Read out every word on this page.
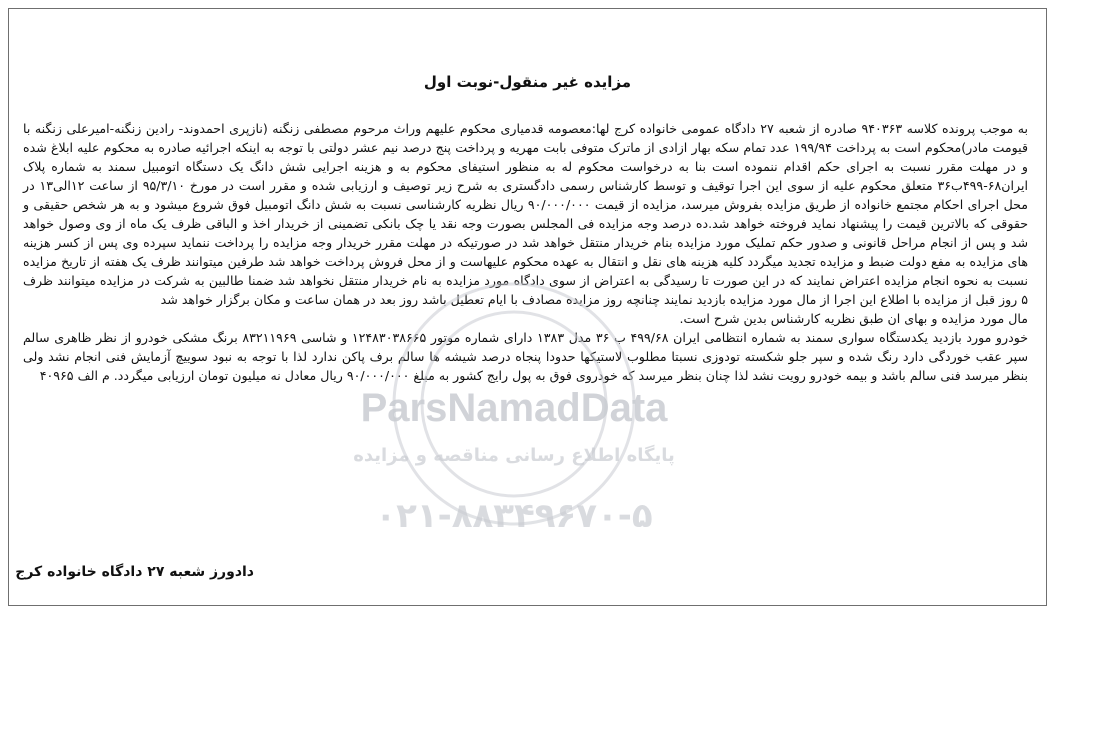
مزایده غیر منقول-نوبت اول

به موجب پرونده کلاسه ۹۴۰۳۶۳ صادره از شعبه ۲۷ دادگاه عمومی خانواده کرج لها:معصومه قدمیاری محکوم علیهم وراث مرحوم مصطفی زنگنه (نازپری احمدوند- رادین زنگنه-امیرعلی زنگنه با قیومت مادر)محکوم است به پرداخت ۱۹۹/۹۴ عدد تمام سکه بهار ازادی از ماترک متوفی بابت مهریه و پرداخت پنج درصد نیم عشر دولتی با توجه به اینکه اجرائیه صادره به محکوم علیه ابلاغ شده و در مهلت مقرر نسبت به اجرای حکم اقدام ننموده است بنا به درخواست محکوم له به منظور استیفای محکوم به و هزینه اجرایی شش دانگ یک دستگاه اتومبیل سمند به شماره پلاک ایران۶۸-۴۹۹ب۳۶ متعلق محکوم علیه از سوی این اجرا توقیف و توسط کارشناس رسمی دادگستری به شرح زیر توصیف و ارزیابی شده و مقرر است در مورخ ۹۵/۳/۱۰ از ساعت ۱۲الی۱۳ در محل اجرای احکام مجتمع خانواده از طریق مزایده بفروش میرسد، مزایده از قیمت ۹۰/۰۰۰/۰۰۰ ریال نظریه کارشناسی نسبت به شش دانگ اتومبیل فوق شروع میشود و به هر شخص حقیقی و حقوقی که بالاترین قیمت را پیشنهاد نماید فروخته خواهد شد.ده درصد وجه مزایده فی المجلس بصورت وجه نقد یا چک بانکی تضمینی از خریدار اخذ و الباقی ظرف یک ماه از وی وصول خواهد شد و پس از انجام مراحل قانونی و صدور حکم تملیک مورد مزایده بنام خریدار منتقل خواهد شد در صورتیکه در مهلت مقرر خریدار وجه مزایده را پرداخت ننماید سپرده وی پس از کسر هزینه های مزایده به مفع دولت ضبط و مزایده تجدید میگردد کلیه هزینه های نقل و انتقال به عهده محکوم علیهاست و از محل فروش پرداخت خواهد شد طرفین میتوانند ظرف یک هفته از تاریخ مزایده نسبت به نحوه انجام مزایده اعتراض نمایند که در این صورت تا رسیدگی به اعتراض از سوی دادگاه مورد مزایده به نام خریدار منتقل نخواهد شد ضمنا طالبین به شرکت در مزایده میتوانند ظرف ۵ روز قبل از مزایده با اطلاع این اجرا از مال مورد مزایده بازدید نمایند چنانچه روز مزایده مصادف با ایام تعطیل باشد روز بعد در همان ساعت و مکان برگزار خواهد شد

مال مورد مزایده و بهای ان طبق نظریه کارشناس بدین شرح است.

خودرو مورد بازدید یکدستگاه سواری سمند به شماره انتظامی ایران ۴۹۹/۶۸ ب ۳۶ مدل ۱۳۸۳ دارای شماره موتور ۱۲۴۸۳۰۳۸۶۶۵ و شاسی ۸۳۲۱۱۹۶۹ برنگ مشکی خودرو از نظر ظاهری سالم سپر عقب خوردگی دارد رنگ شده و سپر جلو شکسته تودوزی نسبتا مطلوب لاستیکها حدودا پنجاه درصد شیشه ها سالم برف پاکن ندارد لذا با توجه به نبود سوییچ آزمایش فنی انجام نشد ولی بنظر میرسد فنی سالم باشد و بیمه خودرو رویت نشد لذا چنان بنظر میرسد که خودروی فوق به پول رایج کشور به مبلغ ۹۰/۰۰۰/۰۰۰ ریال معادل نه میلیون تومان ارزیابی میگردد. م الف ۴۰۹۶۵

ParsNamadData
پایگاه اطلاع رسانی مناقصه و مزایده
۰۲۱-۸۸۳۴۹۶۷۰-۵
دادورز شعبه ۲۷ دادگاه خانواده کرج
